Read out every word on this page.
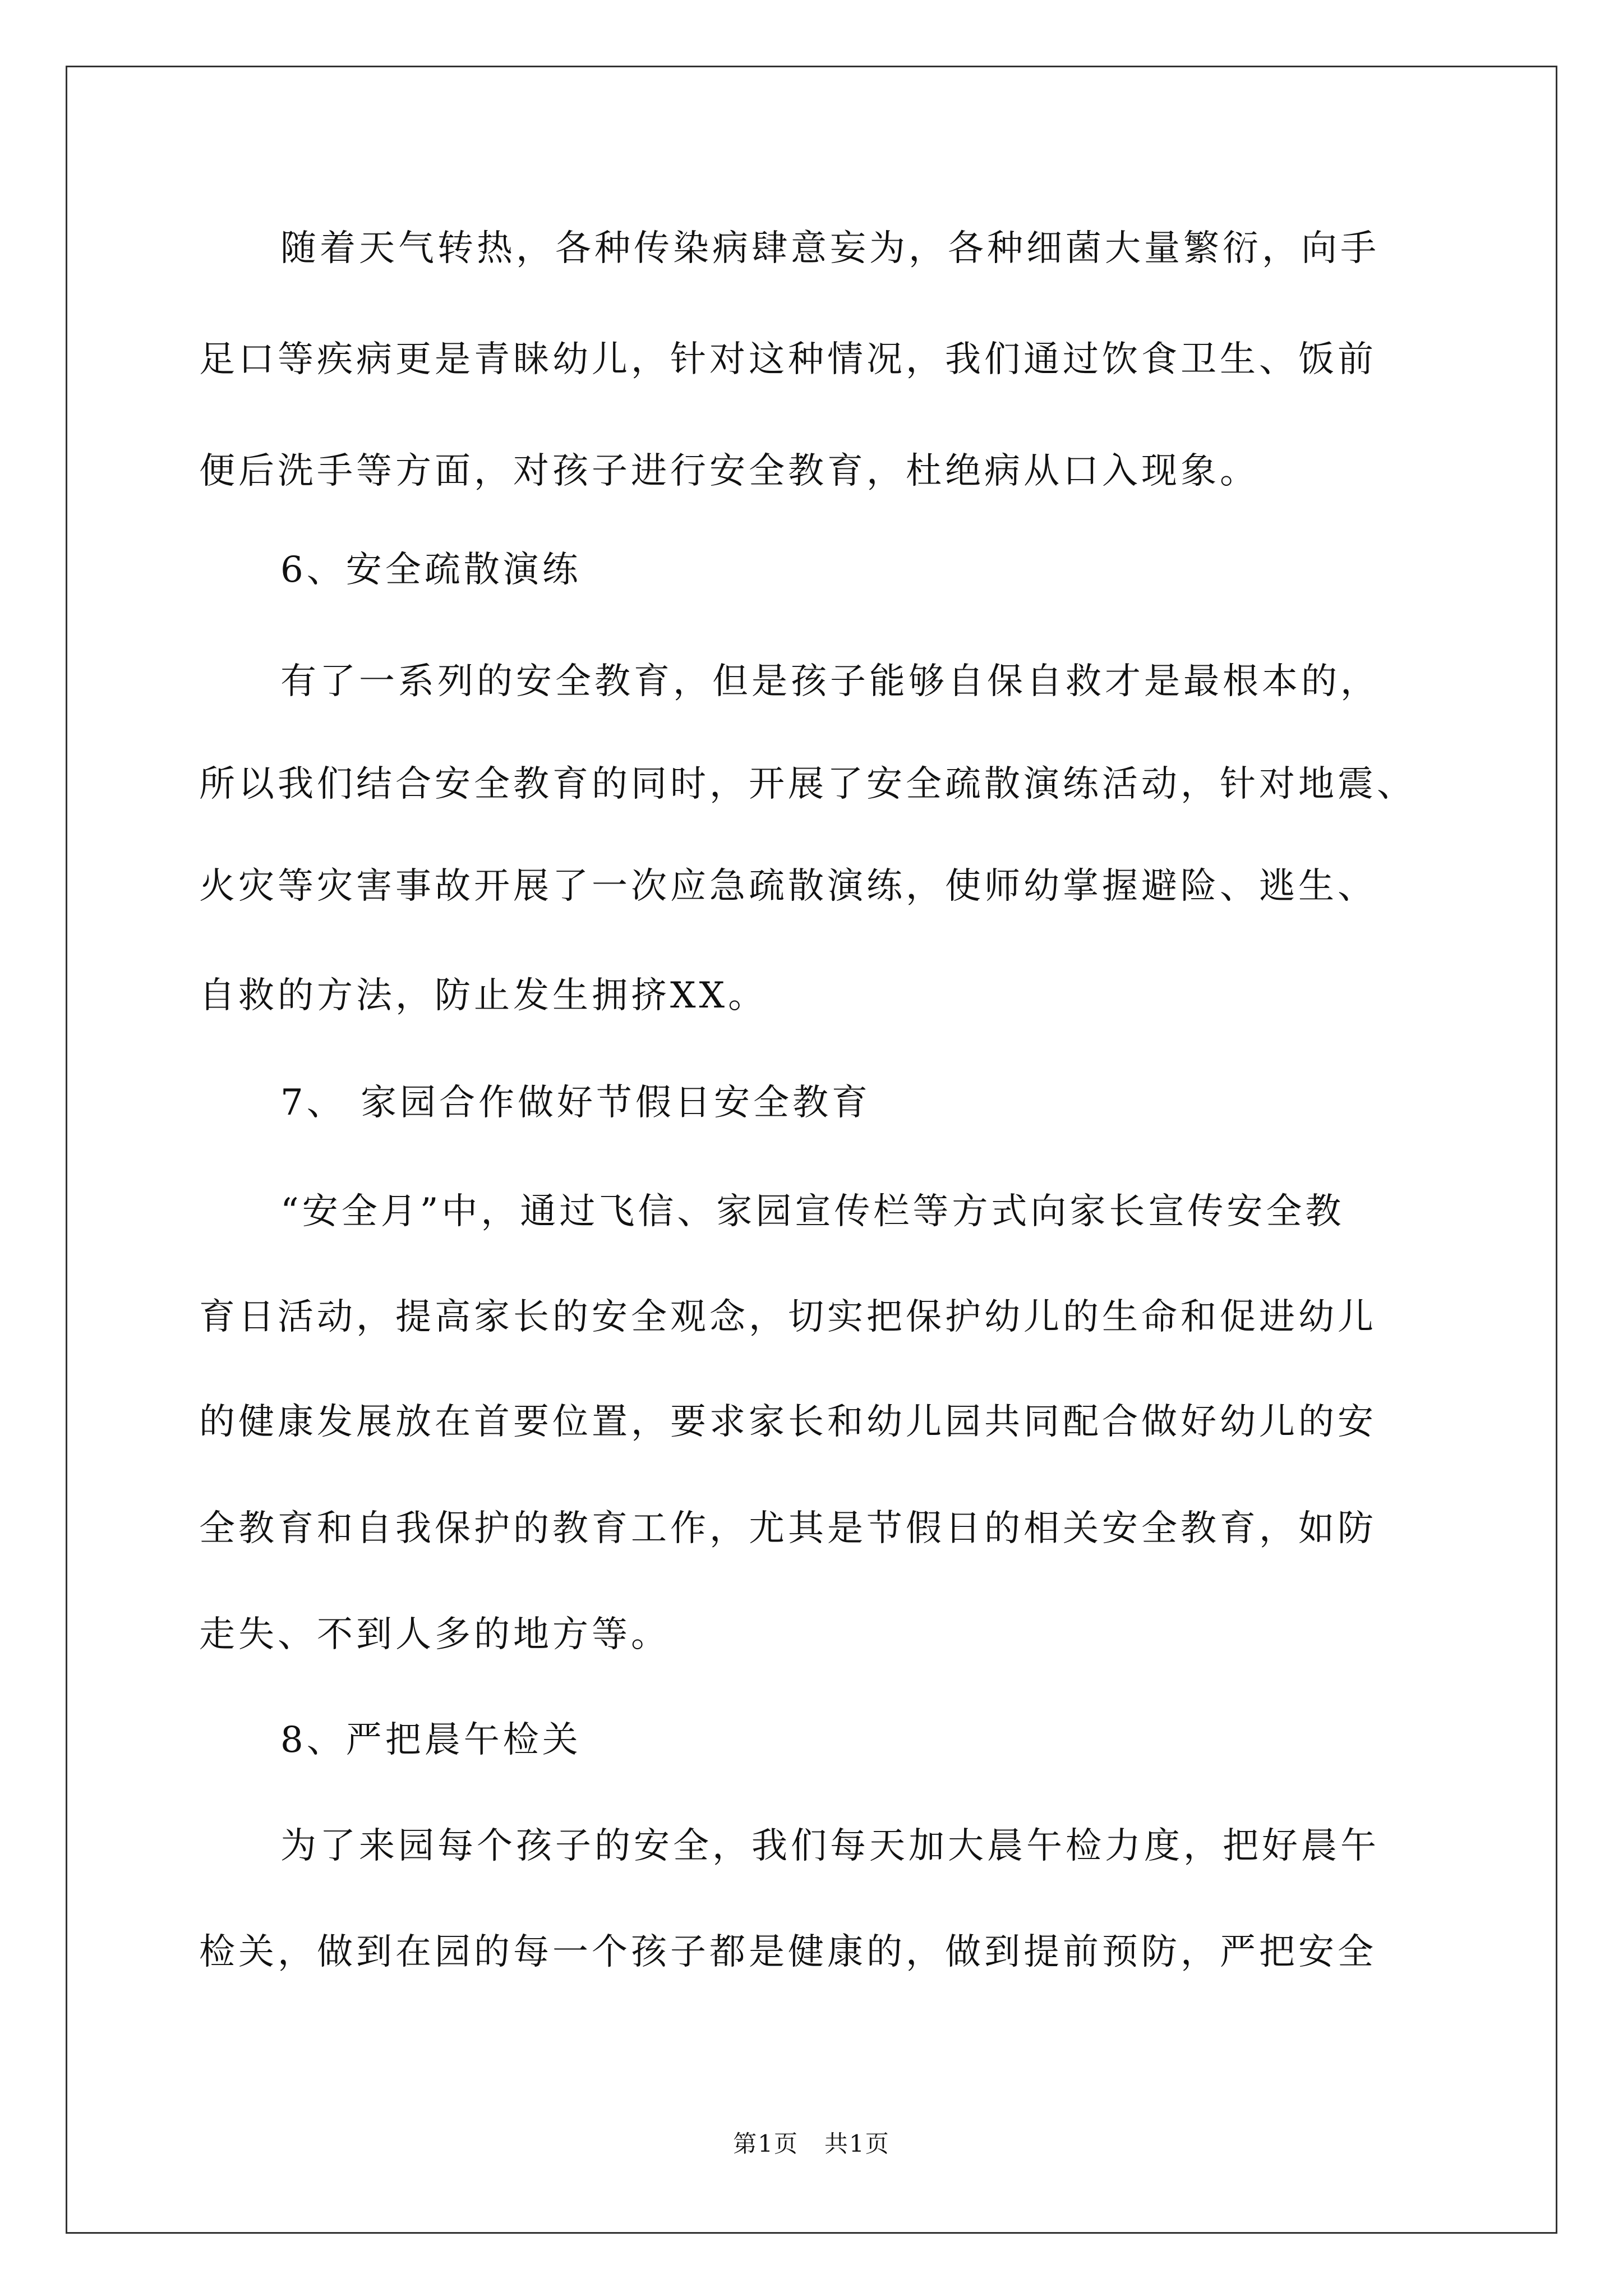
随着天气转热，各种传染病肆意妄为，各种细菌大量繁衍，向手
足口等疾病更是青睐幼儿，针对这种情况，我们通过饮食卫生、饭前
便后洗手等方面，对孩子进行安全教育，杜绝病从口入现象。
6、安全疏散演练
有了一系列的安全教育，但是孩子能够自保自救才是最根本的，
所以我们结合安全教育的同时，开展了安全疏散演练活动，针对地震、
火灾等灾害事故开展了一次应急疏散演练，使师幼掌握避险、逃生、
自救的方法，防止发生拥挤XX。
7、 家园合作做好节假日安全教育
“安全月”中，通过飞信、家园宣传栏等方式向家长宣传安全教
育日活动，提高家长的安全观念，切实把保护幼儿的生命和促进幼儿
的健康发展放在首要位置，要求家长和幼儿园共同配合做好幼儿的安
全教育和自我保护的教育工作，尤其是节假日的相关安全教育，如防
走失、不到人多的地方等。
8、严把晨午检关
为了来园每个孩子的安全，我们每天加大晨午检力度，把好晨午
检关，做到在园的每一个孩子都是健康的，做到提前预防，严把安全
第1页   共1页
